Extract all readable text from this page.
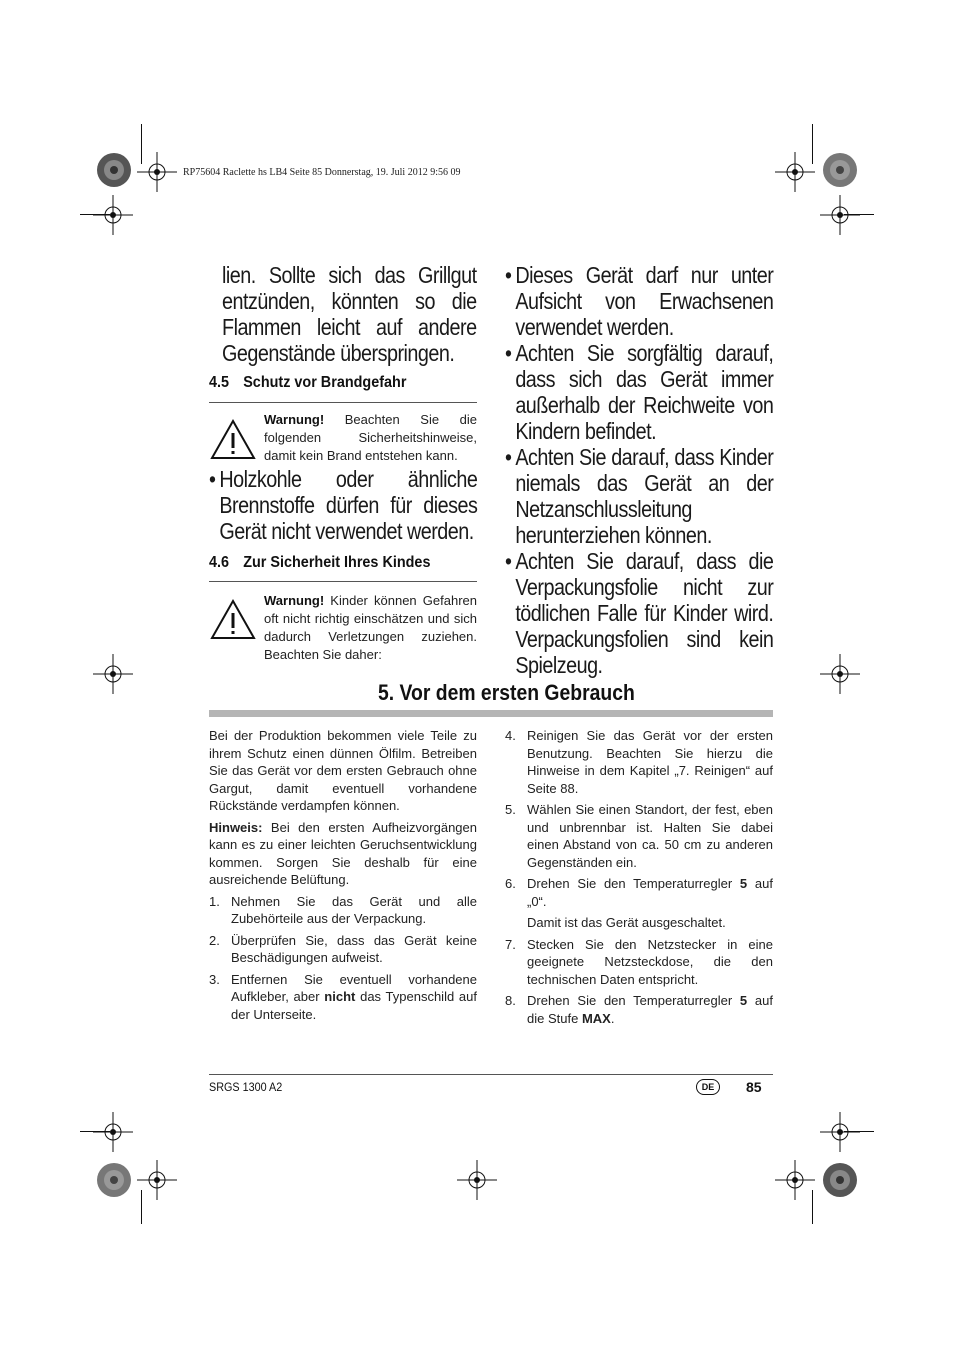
RP75604 Raclette hs LB4 Seite 85 Donnerstag, 19. Juli 2012 9:56 09

lien. Sollte sich das Grillgut entzünden, könnten so die Flammen leicht auf andere Gegenstände überspringen.

4.5 Schutz vor Brandgefahr
Warnung! Beachten Sie die folgenden Sicherheitshinweise, damit kein Brand entstehen kann.

• Holzkohle oder ähnliche Brennstoffe dürfen für dieses Gerät nicht verwendet werden.

4.6 Zur Sicherheit Ihres Kindes
Warnung! Kinder können Gefahren oft nicht richtig einschätzen und sich dadurch Verletzungen zuziehen. Beachten Sie daher:

• Dieses Gerät darf nur unter Aufsicht von Erwachsenen verwendet werden.

• Achten Sie sorgfältig darauf, dass sich das Gerät immer außerhalb der Reichweite von Kindern befindet.

• Achten Sie darauf, dass Kinder niemals das Gerät an der Netzanschlussleitung herunterziehen können.

• Achten Sie darauf, dass die Verpackungsfolie nicht zur tödlichen Falle für Kinder wird. Verpackungsfolien sind kein Spielzeug.

5. Vor dem ersten Gebrauch

Bei der Produktion bekommen viele Teile zu ihrem Schutz einen dünnen Ölfilm. Betreiben Sie das Gerät vor dem ersten Gebrauch ohne Gargut, damit eventuell vorhandene Rückstände verdampfen können.

Hinweis: Bei den ersten Aufheizvorgängen kann es zu einer leichten Geruchsentwicklung kommen. Sorgen Sie deshalb für eine ausreichende Belüftung.

1. Nehmen Sie das Gerät und alle Zubehörteile aus der Verpackung.
2. Überprüfen Sie, dass das Gerät keine Beschädigungen aufweist.
3. Entfernen Sie eventuell vorhandene Aufkleber, aber nicht das Typenschild auf der Unterseite.
4. Reinigen Sie das Gerät vor der ersten Benutzung. Beachten Sie hierzu die Hinweise in dem Kapitel „7. Reinigen“ auf Seite 88.
5. Wählen Sie einen Standort, der fest, eben und unbrennbar ist. Halten Sie dabei einen Abstand von ca. 50 cm zu anderen Gegenständen ein.
6. Drehen Sie den Temperaturregler 5 auf „0“.

Damit ist das Gerät ausgeschaltet.
7. Stecken Sie den Netzstecker in eine geeignete Netzsteckdose, die den technischen Daten entspricht.
8. Drehen Sie den Temperaturregler 5 auf die Stufe MAX.
SRGS 1300 A2	DE	85
